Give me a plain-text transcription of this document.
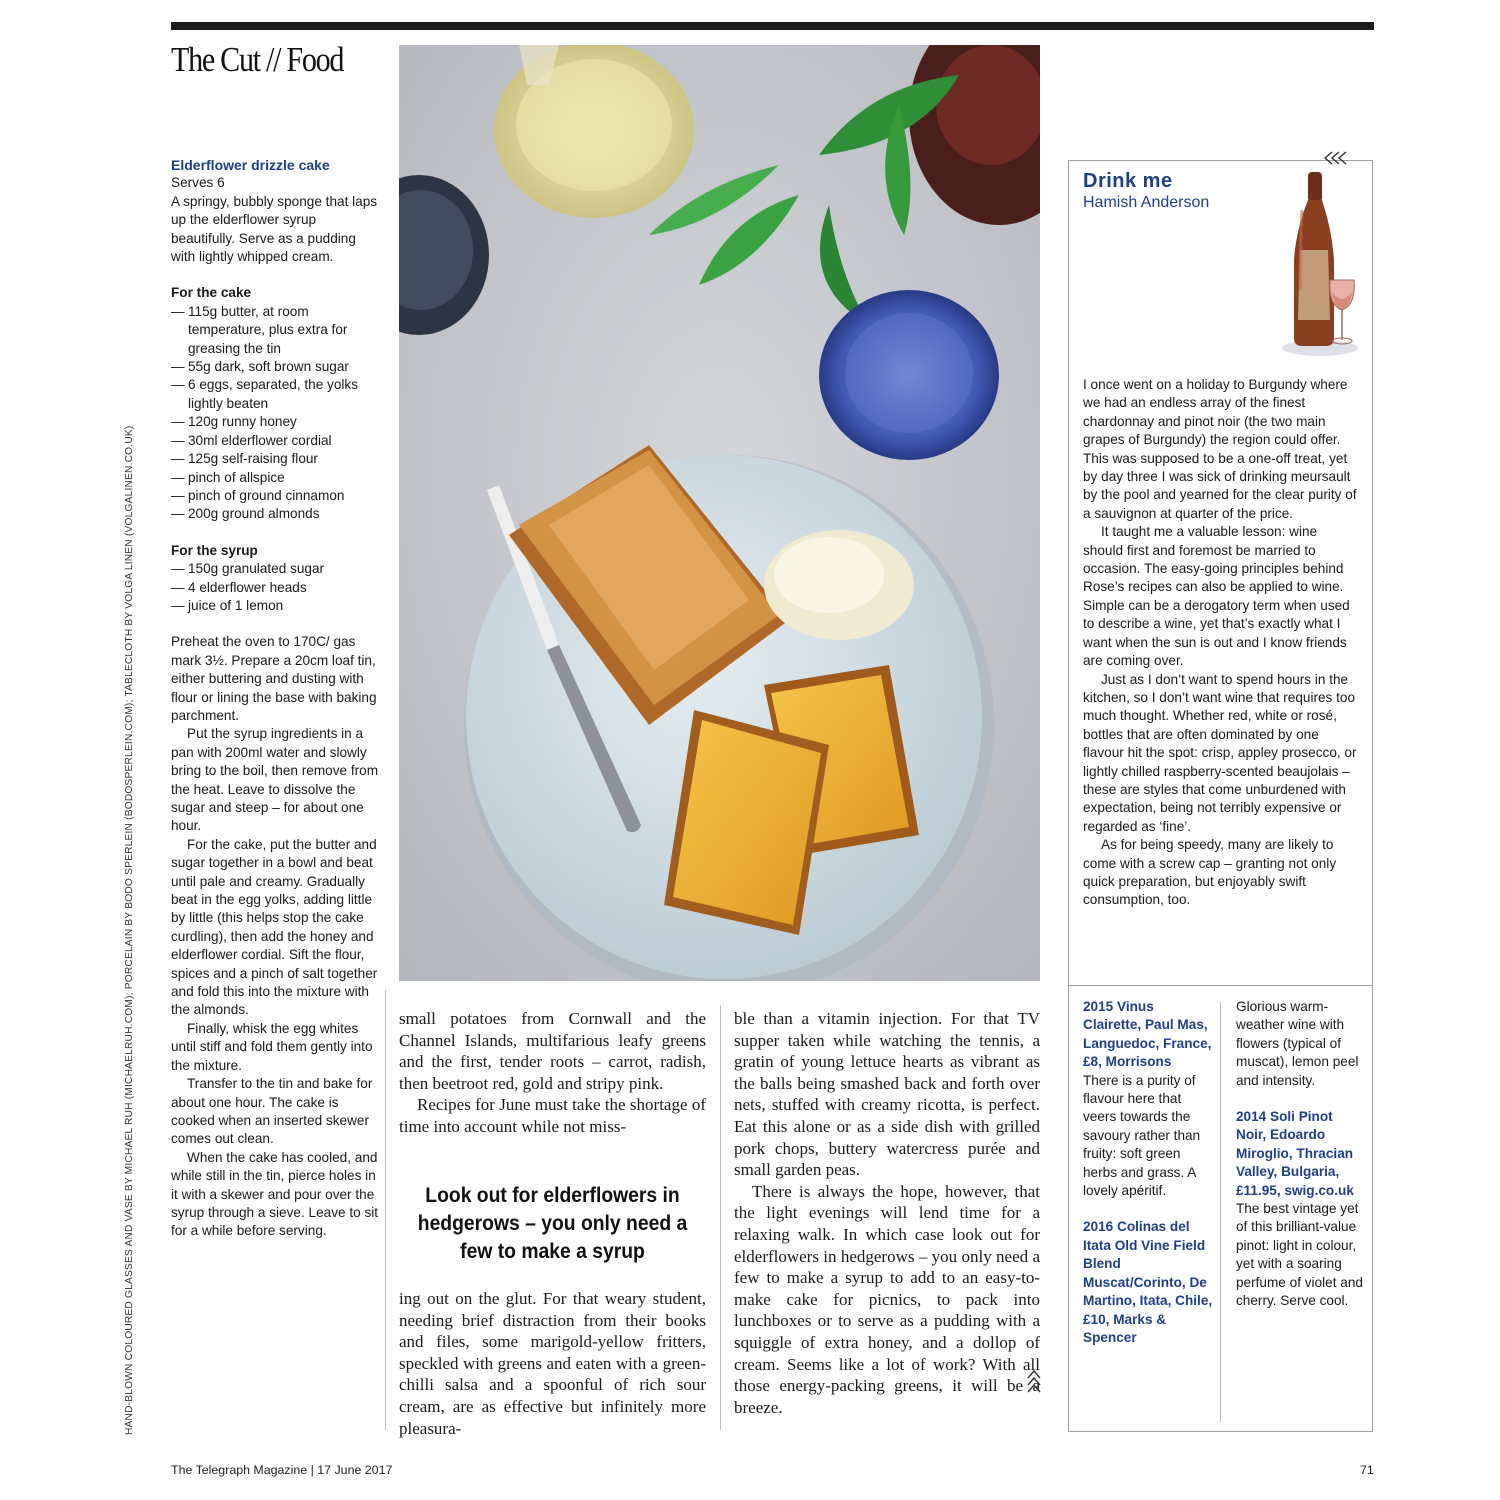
The Cut // Food
HAND-BLOWN COLOURED GLASSES AND VASE BY MICHAEL RUH (MICHAELRUH.COM); PORCELAIN BY BODO SPERLEIN (BODOSPERLEIN.COM); TABLECLOTH BY VOLGA LINEN (VOLGALINEN.CO.UK)
Elderflower drizzle cake
Serves 6
A springy, bubbly sponge that laps up the elderflower syrup beautifully. Serve as a pudding with lightly whipped cream.
For the cake
— 115g butter, at room temperature, plus extra for greasing the tin
— 55g dark, soft brown sugar
— 6 eggs, separated, the yolks lightly beaten
— 120g runny honey
— 30ml elderflower cordial
— 125g self-raising flour
— pinch of allspice
— pinch of ground cinnamon
— 200g ground almonds
For the syrup
— 150g granulated sugar
— 4 elderflower heads
— juice of 1 lemon

Preheat the oven to 170C/ gas mark 3½. Prepare a 20cm loaf tin, either buttering and dusting with flour or lining the base with baking parchment.

Put the syrup ingredients in a pan with 200ml water and slowly bring to the boil, then remove from the heat. Leave to dissolve the sugar and steep – for about one hour.

For the cake, put the butter and sugar together in a bowl and beat until pale and creamy. Gradually beat in the egg yolks, adding little by little (this helps stop the cake curdling), then add the honey and elderflower cordial. Sift the flour, spices and a pinch of salt together and fold this into the mixture with the almonds.

Finally, whisk the egg whites until stiff and fold them gently into the mixture.

Transfer to the tin and bake for about one hour. The cake is cooked when an inserted skewer comes out clean.

When the cake has cooled, and while still in the tin, pierce holes in it with a skewer and pour over the syrup through a sieve. Leave to sit for a while before serving.

small potatoes from Cornwall and the Channel Islands, multifarious leafy greens and the first, tender roots – carrot, radish, then beetroot red, gold and stripy pink.

Recipes for June must take the shortage of time into account while not miss-

Look out for elderflowers in hedgerows – you only need a few to make a syrup

ing out on the glut. For that weary student, needing brief distraction from their books and files, some marigold-yellow fritters, speckled with greens and eaten with a green-chilli salsa and a spoonful of rich sour cream, are as effective but infinitely more pleasura-

ble than a vitamin injection. For that TV supper taken while watching the tennis, a gratin of young lettuce hearts as vibrant as the balls being smashed back and forth over nets, stuffed with creamy ricotta, is perfect. Eat this alone or as a side dish with grilled pork chops, buttery watercress purée and small garden peas.

There is always the hope, however, that the light evenings will lend time for a relaxing walk. In which case look out for elderflowers in hedgerows – you only need a few to make a syrup to add to an easy-to-make cake for picnics, to pack into lunchboxes or to serve as a pudding with a squiggle of extra honey, and a dollop of cream. Seems like a lot of work? With all those energy-packing greens, it will be a breeze.

Drink me
Hamish Anderson

I once went on a holiday to Burgundy where we had an endless array of the finest chardonnay and pinot noir (the two main grapes of Burgundy) the region could offer. This was supposed to be a one-off treat, yet by day three I was sick of drinking meursault by the pool and yearned for the clear purity of a sauvignon at quarter of the price.

It taught me a valuable lesson: wine should first and foremost be married to occasion. The easy-going principles behind Rose’s recipes can also be applied to wine. Simple can be a derogatory term when used to describe a wine, yet that’s exactly what I want when the sun is out and I know friends are coming over.

Just as I don’t want to spend hours in the kitchen, so I don’t want wine that requires too much thought. Whether red, white or rosé, bottles that are often dominated by one flavour hit the spot: crisp, appley prosecco, or lightly chilled raspberry-scented beaujolais – these are styles that come unburdened with expectation, being not terribly expensive or regarded as ‘fine’.

As for being speedy, many are likely to come with a screw cap – granting not only quick preparation, but enjoyably swift consumption, too.

2015 Vinus Clairette, Paul Mas, Languedoc, France, £8, Morrisons

There is a purity of flavour here that veers towards the savoury rather than fruity: soft green herbs and grass. A lovely apéritif.

2016 Colinas del Itata Old Vine Field Blend Muscat/Corinto, De Martino, Itata, Chile, £10, Marks & Spencer

Glorious warm-weather wine with flowers (typical of muscat), lemon peel and intensity.

2014 Soli Pinot Noir, Edoardo Miroglio, Thracian Valley, Bulgaria, £11.95, swig.co.uk

The best vintage yet of this brilliant-value pinot: light in colour, yet with a soaring perfume of violet and cherry. Serve cool.

The Telegraph Magazine | 17 June 2017	71
